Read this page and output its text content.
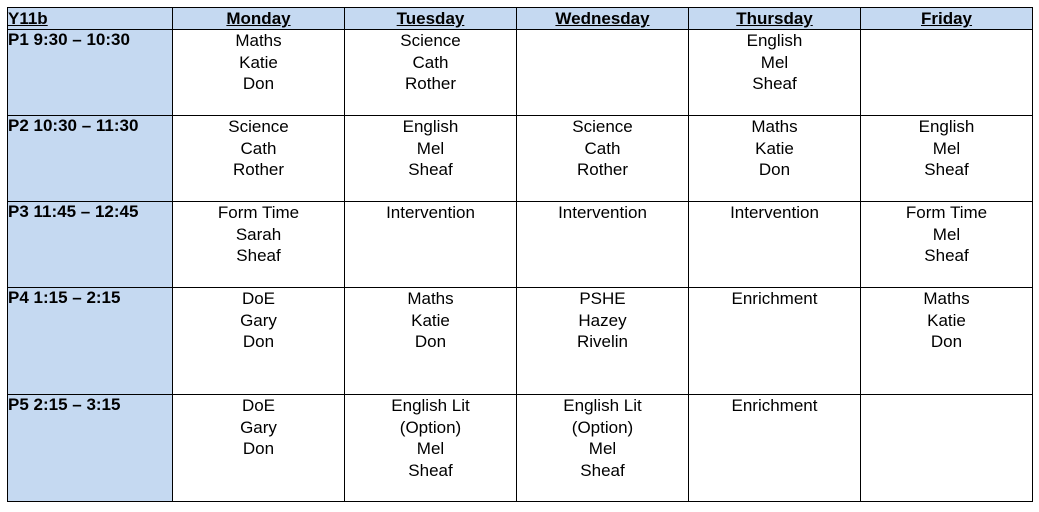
Y11b	Monday	Tuesday	Wednesday	Thursday	Friday
P1 9:30 – 10:30	Maths
Katie
Don	Science
Cath
Rother		English
Mel
Sheaf	

P2 10:30 – 11:30	Science
Cath
Rother	English
Mel
Sheaf	Science
Cath
Rother	Maths
Katie
Don	English
Mel
Sheaf

P3 11:45 – 12:45	Form Time
Sarah
Sheaf	Intervention	Intervention	Intervention	Form Time
Mel
Sheaf

P4 1:15 – 2:15	DoE
Gary
Don	Maths
Katie
Don	PSHE
Hazey
Rivelin	Enrichment	Maths
Katie
Don

P5 2:15 – 3:15	DoE
Gary
Don	English Lit
(Option)
Mel
Sheaf	English Lit
(Option)
Mel
Sheaf	Enrichment	
